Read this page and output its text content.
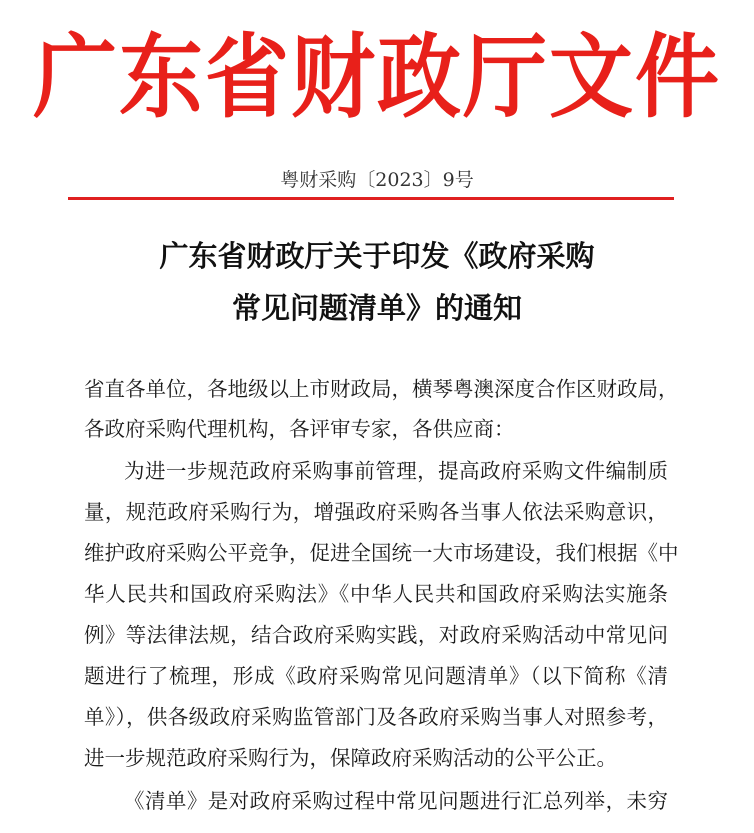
广东省财政厅文件
粤财采购〔2023〕9号
广东省财政厅关于印发《政府采购
常见问题清单》的通知
省直各单位，各地级以上市财政局，横琴粤澳深度合作区财政局，
各政府采购代理机构，各评审专家，各供应商：
为进一步规范政府采购事前管理，提高政府采购文件编制质
量，规范政府采购行为，增强政府采购各当事人依法采购意识，
维护政府采购公平竞争，促进全国统一大市场建设，我们根据《中
华人民共和国政府采购法》《中华人民共和国政府采购法实施条
例》等法律法规，结合政府采购实践，对政府采购活动中常见问
题进行了梳理，形成《政府采购常见问题清单》（以下简称《清
单》），供各级政府采购监管部门及各政府采购当事人对照参考，
进一步规范政府采购行为，保障政府采购活动的公平公正。
《清单》是对政府采购过程中常见问题进行汇总列举，未穷
